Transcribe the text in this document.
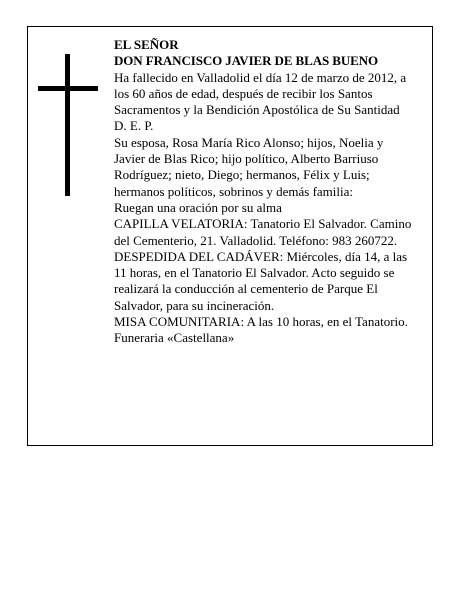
EL SEÑOR

DON FRANCISCO JAVIER DE BLAS BUENO

Ha fallecido en Valladolid el día 12 de marzo de 2012, a los 60 años de edad, después de recibir los Santos Sacramentos y la Bendición Apostólica de Su Santidad D. E. P.

Su esposa, Rosa María Rico Alonso; hijos, Noelia y Javier de Blas Rico; hijo político, Alberto Barriuso Rodríguez; nieto, Diego; hermanos, Félix y Luis; hermanos políticos, sobrinos y demás familia:

Ruegan una oración por su alma

CAPILLA VELATORIA: Tanatorio El Salvador. Camino del Cementerio, 21. Valladolid. Teléfono: 983 260722.

DESPEDIDA DEL CADÁVER: Miércoles, día 14, a las 11 horas, en el Tanatorio El Salvador. Acto seguido se realizará la conducción al cementerio de Parque El Salvador, para su incineración.

MISA COMUNITARIA: A las 10 horas, en el Tanatorio.

Funeraria «Castellana»
